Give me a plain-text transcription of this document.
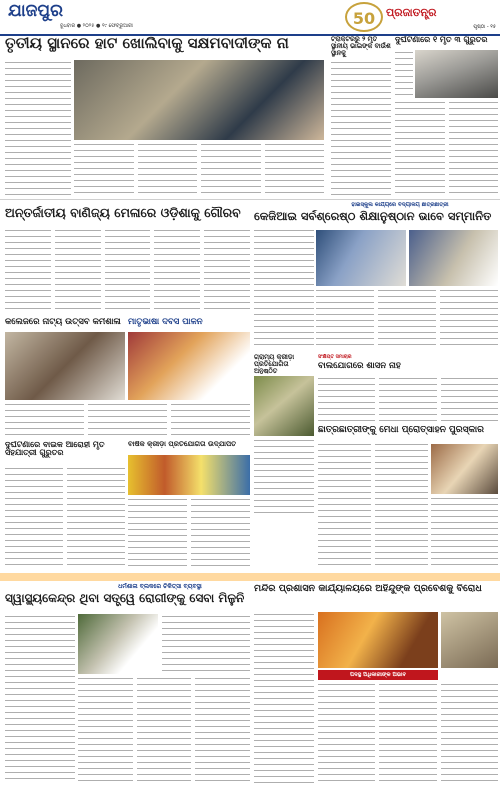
ଯାଜପୁର
ବୁଧବାର ● ୨୦୨୫ ● ୧୯ ଫେବ୍ରୁଆରୀ	50 ପ୍ରଜାତନ୍ତ୍ର
ପୃଷ୍ଠା - ୧୫
ତୃତୀୟ ସ୍ଥାନରେ ହାଟ ଖୋଲିବାକୁ ସକ୍ଷମବାଦୀଙ୍କ ନା	ଟ୍ରାକ୍‌ଟରରୁ ୨ ମୃତ ସ୍ଥାନୀୟ ଭାଇଙ୍କ ବାଉଁଶ ସ୍ଥାନକୁ
ଦୁର୍ଘଟଣାରେ ୧ ମୃତ ୩ ଗୁରୁତର
ଅନ୍ତର୍ଜାତୀୟ ବାଣିଜ୍ୟ ମେଳାରେ ଓଡ଼ିଶାକୁ ଗୌରବ	ହାଇସ୍କୁଲ କାର୍ଯ୍ୟରେ ବିଦ୍ୟାଳୟ ଛାତ୍ରଛାତ୍ରୀ
କେଜିଆଇ ସର୍ବଶ୍ରେଷ୍ଠ ଶିକ୍ଷାନୁଷ୍ଠାନ ଭାବେ ସମ୍ମାନିତ
କଲେଜରେ ନାଟ୍ୟ ଉତ୍ସବ କର୍ମଶାଳା ମାତୃଭାଷା ଦିବସ ପାଳନ
ଗ୍ରାମ୍ୟ କ୍ରୀଡ଼ା ପ୍ରତିଯୋଗିତା ଅନୁଷ୍ଠିତ
ସଂକ୍ଷିପ୍ତ ସମାଚାର
ବାଲିଯୋଗରେ ଶାସନ ନାହିଁ
ଦୁର୍ଘଟଣାରେ ବାଇକ ଆରୋହୀ ମୃତ ସହଯାତ୍ରୀ ଗୁରୁତର
ବାର୍ଷିକ କ୍ରୀଡ଼ା ପ୍ରତିଯୋଗିତା ଉଦ୍‌ଯାପିତ
ଛାତ୍ରଛାତ୍ରୀଙ୍କୁ ମେଧା ପ୍ରୋତ୍ସାହନ ପୁରସ୍କାର
ଧର୍ମଶାଳା ବ୍ଲକରେ ଚିକିତ୍ସା ବ୍ୟବସ୍ଥା
ସ୍ୱାସ୍ଥ୍ୟକେନ୍ଦ୍ର ଥିବା ସତ୍ତ୍ୱେ ରୋଗୀଙ୍କୁ ସେବା ମିଳୁନି
ମନ୍ଦିର ପ୍ରଶାସନ କାର୍ଯ୍ୟାଳୟରେ ଅହିନ୍ଦୁଙ୍କ ପ୍ରବେଶକୁ ବିରୋଧ
ପଦସ୍ଥ ଅଧିକାରୀଙ୍କ ଅଭାବ
